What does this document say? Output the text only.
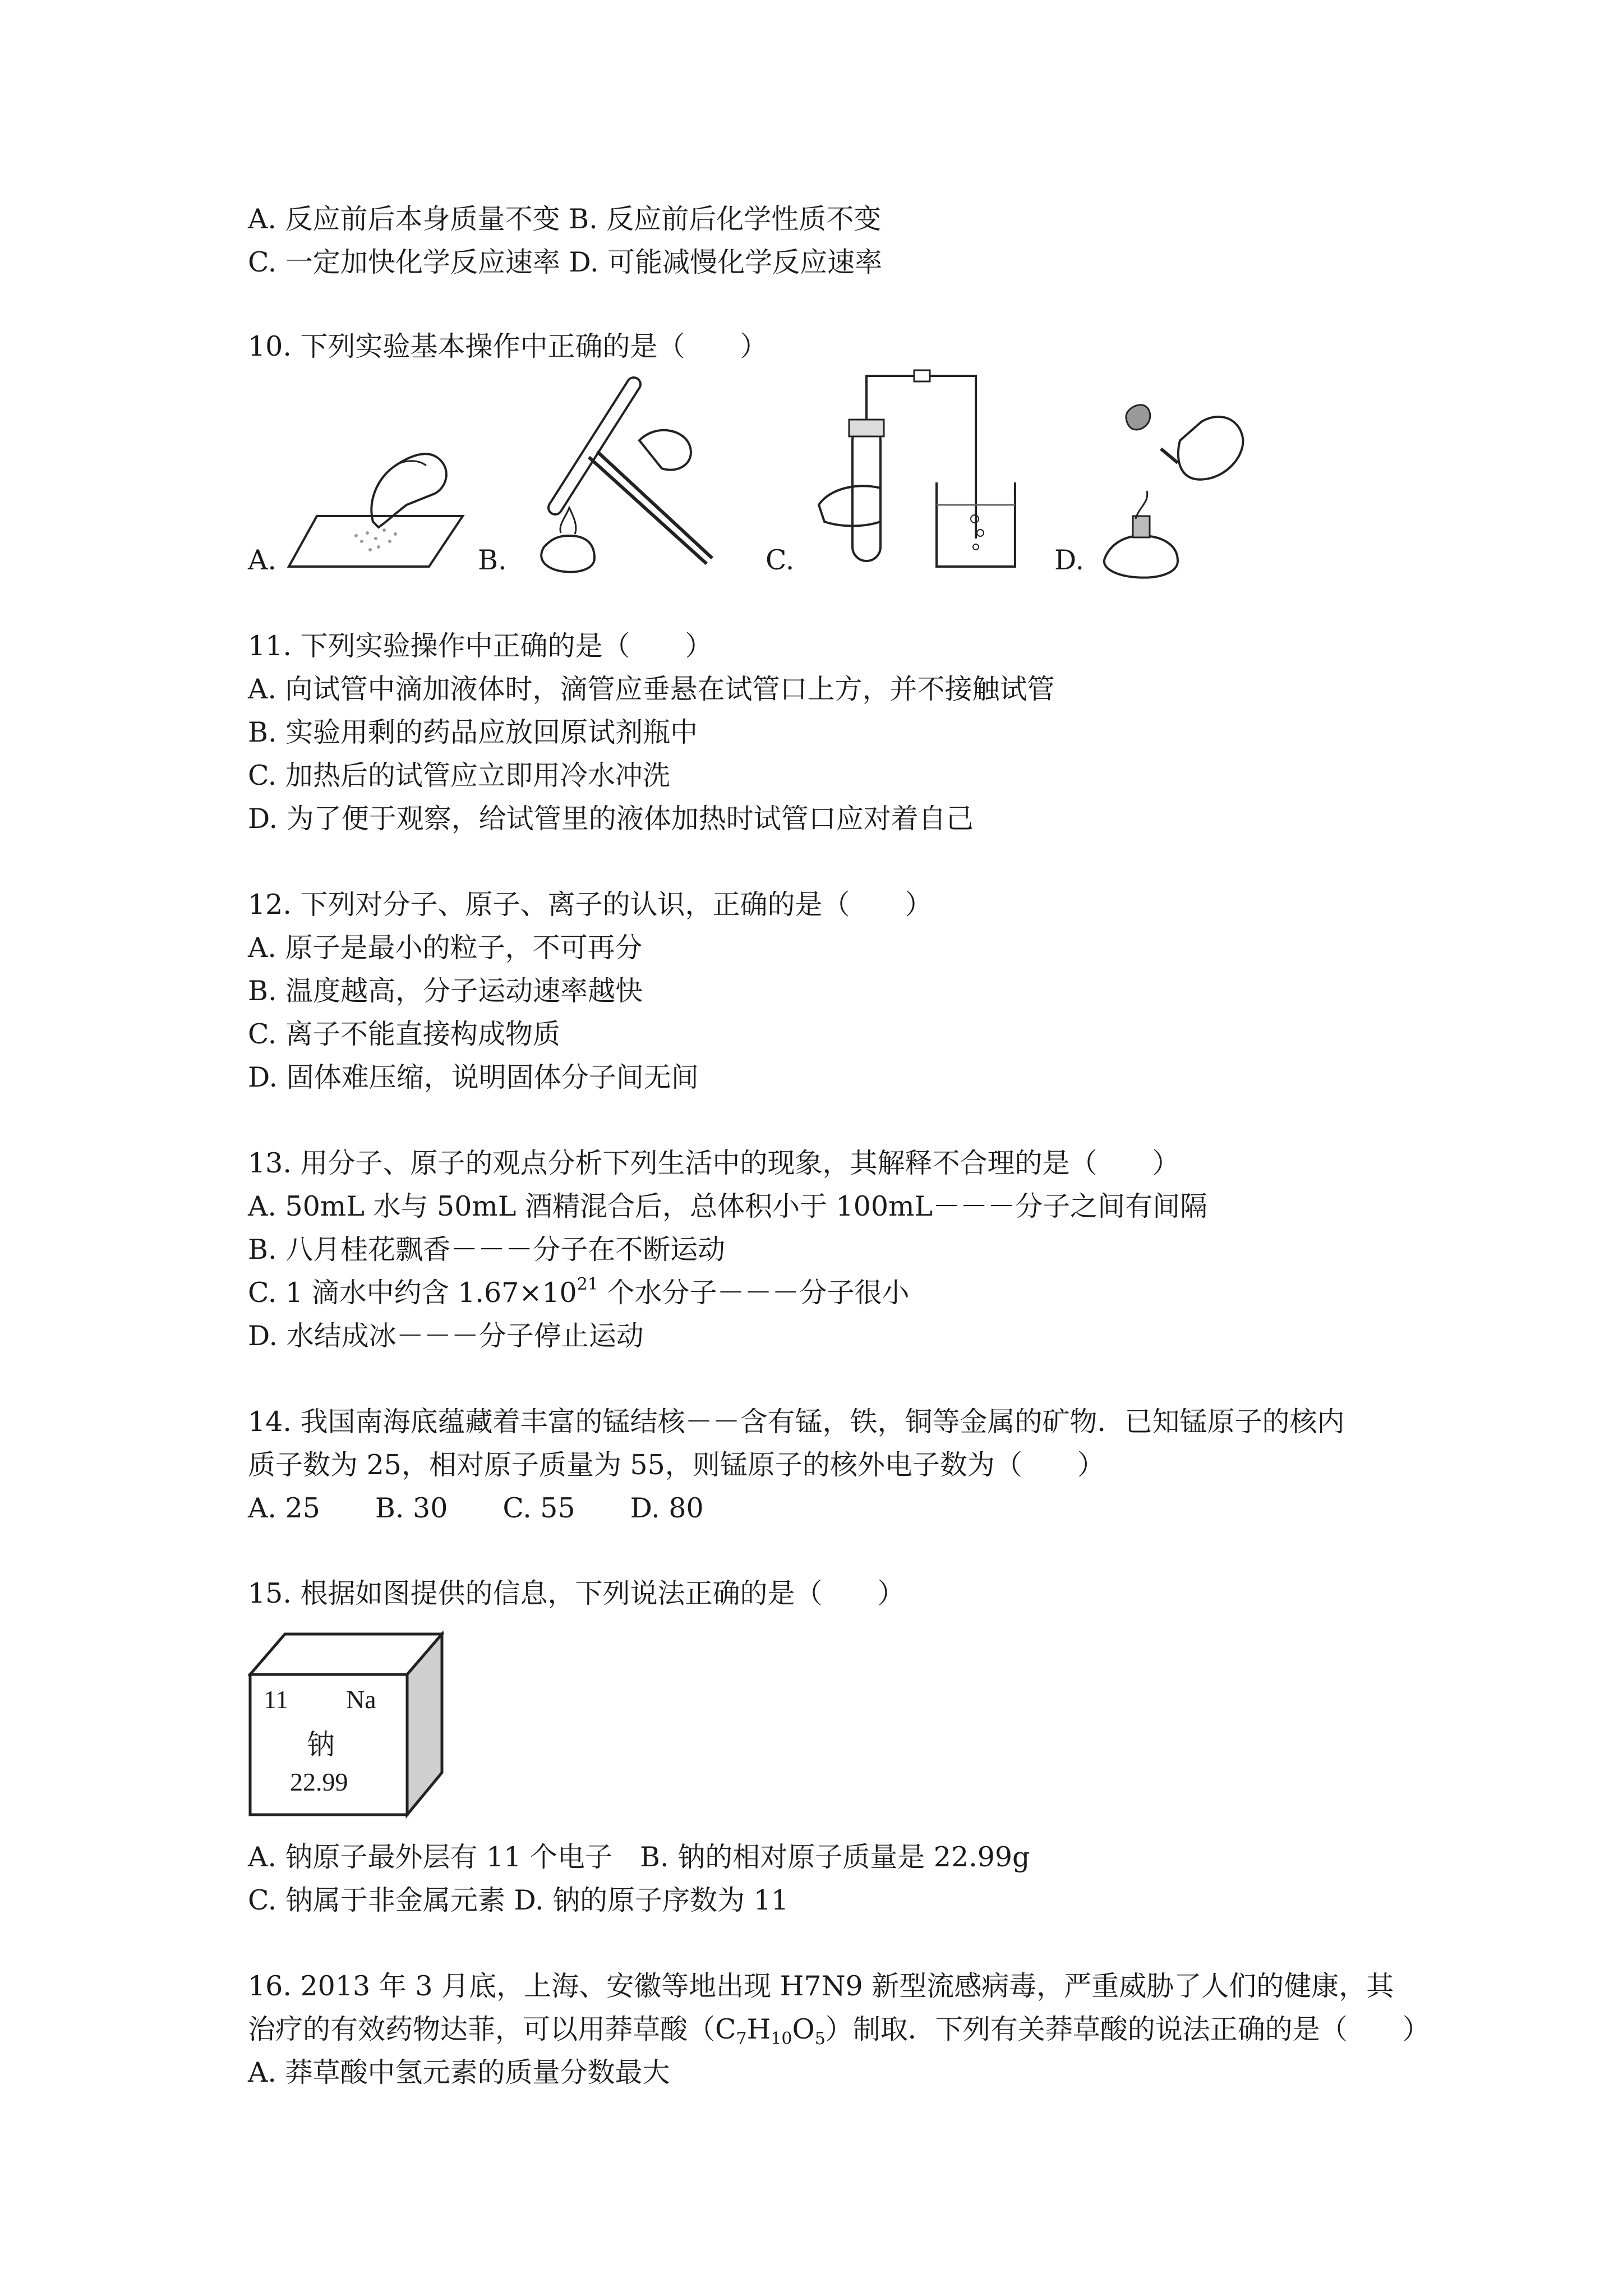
A. 反应前后本身质量不变 B. 反应前后化学性质不变
C. 一定加快化学反应速率 D. 可能减慢化学反应速率
10. 下列实验基本操作中正确的是（　　）
A.	B.	C.	D.
11. 下列实验操作中正确的是（　　）
A. 向试管中滴加液体时，滴管应垂悬在试管口上方，并不接触试管
B. 实验用剩的药品应放回原试剂瓶中
C. 加热后的试管应立即用冷水冲洗
D. 为了便于观察，给试管里的液体加热时试管口应对着自己
12. 下列对分子、原子、离子的认识，正确的是（　　）
A. 原子是最小的粒子，不可再分
B. 温度越高，分子运动速率越快
C. 离子不能直接构成物质
D. 固体难压缩，说明固体分子间无间
13. 用分子、原子的观点分析下列生活中的现象，其解释不合理的是（　　）
A. 50mL 水与 50mL 酒精混合后，总体积小于 100mL－－－分子之间有间隔
B. 八月桂花飘香－－－分子在不断运动
C. 1 滴水中约含 $1.67\times 10^{21}$ 个水分子－－－分子很小
D. 水结成冰－－－分子停止运动
14. 我国南海底蕴藏着丰富的锰结核－－含有锰，铁，铜等金属的矿物．已知锰原子的核内
质子数为 25，相对原子质量为 55，则锰原子的核外电子数为（　　）
A. 25　　B. 30　　C. 55　　D. 80
15. 根据如图提供的信息，下列说法正确的是（　　）
11 Na
钠
22.99
A. 钠原子最外层有 11 个电子　B. 钠的相对原子质量是 22.99g
C. 钠属于非金属元素 D. 钠的原子序数为 11
16. 2013 年 3 月底，上海、安徽等地出现 H7N9 新型流感病毒，严重威胁了人们的健康，其
治疗的有效药物达菲，可以用莽草酸$(C_7H_{10}O_5)$制取．下列有关莽草酸的说法正确的是（　　）
A. 莽草酸中氢元素的质量分数最大
